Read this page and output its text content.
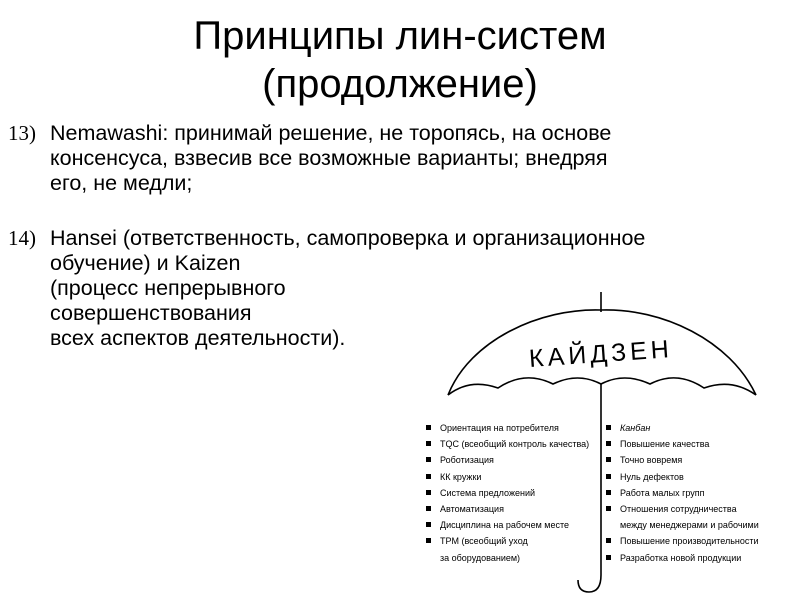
Принципы лин-систем
(продолжение)
13) Nemawashi: принимай решение, не торопясь, на основе
консенсуса, взвесив все возможные варианты; внедряя
его, не медли;
14) Hansei (ответственность, самопроверка и организационное
обучение) и Kaizen
(процесс непрерывного
совершенствования
всех аспектов деятельности).	КАЙДЗЕН
Ориентация на потребителя
TQC (всеобщий контроль качества)
Роботизация
КК кружки
Система предложений
Автоматизация
Дисциплина на рабочем месте
TPM (всеобщий уход
за оборудованием)
Канбан
Повышение качества
Точно вовремя
Нуль дефектов
Работа малых групп
Отношения сотрудничества
между менеджерами и рабочими
Повышение производительности
Разработка новой продукции
